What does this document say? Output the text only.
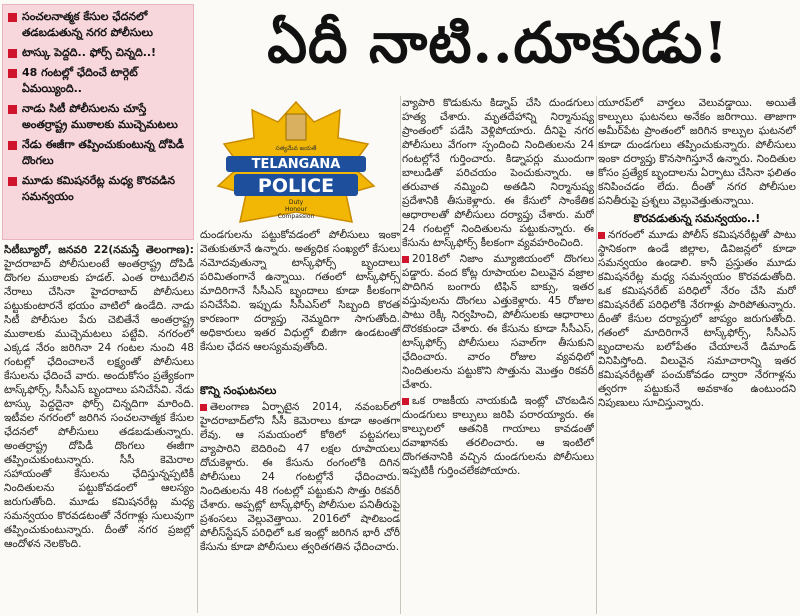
సంచలనాత్మక కేసుల ఛేదనలో తడబడుతున్న నగర పోలీసులు
టాస్కు పెద్దది.. ఫోర్స్ చిన్నది..!
48 గంటల్లో ఛేదించే టార్గెట్ ఏమయ్యింది..
నాడు సిటీ పోలీసులను చూస్తే అంతర్రాష్ట్ర ముఠాలకు ముచ్చెమటలు
నేడు ఈజీగా తప్పించుకుంటున్న దోపిడీ దొంగలు
మూడు కమిషనరేట్ల మధ్య కొరవడిన సమన్వయం
ఏదీ నాటి..దూకుడు!
సత్యమేవ జయతే
TELANGANA
POLICE
Duty
Honour
Compassion

సిటీబ్యూరో, జనవరి 22(నమస్తే తెలంగాణ): హైదరాబాద్ పోలీసులంటే అంతర్రాష్ట్ర దోపిడీ దొంగల ముఠాలకు హడల్. ఎంత రాటుదేలిన నేరాలు చేసినా హైదరాబాద్ పోలీసులు పట్టుకుంటారనే భయం వాటిలో ఉండేది. నాడు సిటీ పోలీసుల పేరు చెబితేనే అంతర్రాష్ట్ర ముఠాలకు ముచ్చెమటలు పట్టేవి. నగరంలో ఎక్కడ నేరం జరిగినా 24 గంటల నుంచి 48 గంటల్లో ఛేదించాలనే లక్ష్యంతో పోలీసులు కేసులను ఛేదించే వారు. అందుకోసం ప్రత్యేకంగా టాస్క్‌ఫోర్స్, సీసీఎస్ బృందాలు పనిచేసేవి. నేడు టాస్కు పెద్దదైనా ఫోర్స్ చిన్నదిగా మారింది. ఇటీవల నగరంలో జరిగిన సంచలనాత్మక కేసుల ఛేదనలో పోలీసులు తడబడుతున్నారు. అంతర్రాష్ట్ర దోపిడీ దొంగలు ఈజీగా తప్పించుకుంటున్నారు. సీసీ కెమెరాల సహాయంతో కేసులను ఛేదిస్తున్నప్పటికీ నిందితులను పట్టుకోవడంలో ఆలస్యం జరుగుతోంది. మూడు కమిషనరేట్ల మధ్య సమన్వయం కొరవడటంతో నేరగాళ్లు సులువుగా తప్పించుకుంటున్నారు. దీంతో నగర ప్రజల్లో ఆందోళన నెలకొంది.

దుండగులను పట్టుకోవడంలో పోలీసులు ఇంకా వెతుకుతూనే ఉన్నారు. అత్యధిక సంఖ్యలో కేసులు నమోదవుతున్నా టాస్క్‌ఫోర్స్ బృందాలు పరిమితంగానే ఉన్నాయి. గతంలో టాస్క్‌ఫోర్స్ మాదిరిగానే సీసీఎస్ బృందాలు కూడా కీలకంగా పనిచేసేవి. ఇప్పుడు సీసీఎస్‌లో సిబ్బంది కొరత కారణంగా దర్యాప్తు నెమ్మదిగా సాగుతోంది. అధికారులు ఇతర విధుల్లో బిజీగా ఉండటంతో కేసుల ఛేదన ఆలస్యమవుతోంది.

కొన్ని సంఘటనలు

తెలంగాణ ఏర్పాటైన 2014, నవంబర్‌లో హైదరాబాద్‌లోని సీసీ కెమెరాలు కూడా అంతగా లేవు. ఆ సమయంలో కోఠిలో పట్టపగలు వ్యాపారిని బెదిరించి 47 లక్షల రూపాయలు దోచుకెళ్లారు. ఈ కేసును రంగంలోకి దిగిన పోలీసులు 24 గంటల్లోనే ఛేదించారు. నిందితులను 48 గంటల్లో పట్టుకుని సొత్తు రికవరీ చేశారు. అప్పట్లో టాస్క్‌ఫోర్స్ పోలీసుల పనితీరుపై ప్రశంసలు వెల్లువెత్తాయి. 2016లో షాలిబండ పోలీస్‌స్టేషన్ పరిధిలో ఒక ఇంట్లో జరిగిన భారీ చోరీ కేసును కూడా పోలీసులు త్వరితగతిన ఛేదించారు.

వ్యాపారి కొడుకును కిడ్నాప్ చేసి దుండగులు హత్య చేశారు. మృతదేహాన్ని నిర్మానుష్య ప్రాంతంలో పడేసి వెళ్లిపోయారు. దీనిపై నగర పోలీసులు వేగంగా స్పందించి నిందితులను 24 గంటల్లోనే గుర్తించారు. కిడ్నాపర్లు ముందుగా బాలుడితో పరిచయం పెంచుకున్నారు. ఆ తరువాత నమ్మించి అతడిని నిర్మానుష్య ప్రదేశానికి తీసుకెళ్లారు. ఈ కేసులో సాంకేతిక ఆధారాలతో పోలీసులు దర్యాప్తు చేశారు. మరో 24 గంటల్లో నిందితులను పట్టుకున్నారు. ఈ కేసును టాస్క్‌ఫోర్స్ కీలకంగా వ్యవహరించింది.

2018లో నిజాం మ్యూజియంలో దొంగలు పడ్డారు. వంద కోట్ల రూపాయల విలువైన వజ్రాల పొదిగిన బంగారు టిఫిన్ బాక్సు, ఇతర వస్తువులను దొంగలు ఎత్తుకెళ్లారు. 45 రోజుల పాటు రెక్కీ నిర్వహించి, పోలీసులకు ఆధారాలు దొరకకుండా చేశారు. ఈ కేసును కూడా సీసీఎస్, టాస్క్‌ఫోర్స్ పోలీసులు సవాల్‌గా తీసుకుని ఛేదించారు. వారం రోజుల వ్యవధిలో నిందితులను పట్టుకొని సొత్తును మొత్తం రికవరీ చేశారు.

ఒక రాజకీయ నాయకుడి ఇంట్లో చొరబడిన దుండగులు కాల్పులు జరిపి పరారయ్యారు. ఈ కాల్పులలో ఆతనికి గాయాలు కావడంతో దవాఖానకు తరలించారు. ఆ ఇంటిలో దొంగతనానికి వచ్చిన దుండగులను పోలీసులు ఇప్పటికీ గుర్తించలేకపోయారు.

యూరప్‌లో వార్తలు వెలువడ్డాయి. అయితే కాల్పులు ఘటనలు అనేకం జరిగాయి. తాజాగా అమీర్‌పేట ప్రాంతంలో జరిగిన కాల్పుల ఘటనలో కూడా దుండగులు తప్పించుకున్నారు. పోలీసులు ఇంకా దర్యాప్తు కొనసాగిస్తూనే ఉన్నారు. నిందితుల కోసం ప్రత్యేక బృందాలను ఏర్పాటు చేసినా ఫలితం కనిపించడం లేదు. దీంతో నగర పోలీసుల పనితీరుపై ప్రశ్నలు వెల్లువెత్తుతున్నాయి.

కొరవడుతున్న సమన్వయం..!

నగరంలో మూడు పోలీస్ కమిషనరేట్లతో పాటు స్థానికంగా ఉండే జిల్లాల, డివిజన్లలో కూడా సమన్వయం ఉండాలి. కానీ ప్రస్తుతం మూడు కమిషనరేట్ల మధ్య సమన్వయం కొరవడుతోంది. ఒక కమిషనరేట్ పరిధిలో నేరం చేసి మరో కమిషనరేట్ పరిధిలోకి నేరగాళ్లు పారిపోతున్నారు. దీంతో కేసుల దర్యాప్తులో జాప్యం జరుగుతోంది. గతంలో మాదిరిగానే టాస్క్‌ఫోర్స్, సీసీఎస్ బృందాలను బలోపేతం చేయాలనే డిమాండ్ వినిపిస్తోంది. విలువైన సమాచారాన్ని ఇతర కమిషనరేట్లతో పంచుకోవడం ద్వారా నేరగాళ్లను త్వరగా పట్టుకునే అవకాశం ఉంటుందని నిపుణులు సూచిస్తున్నారు.
